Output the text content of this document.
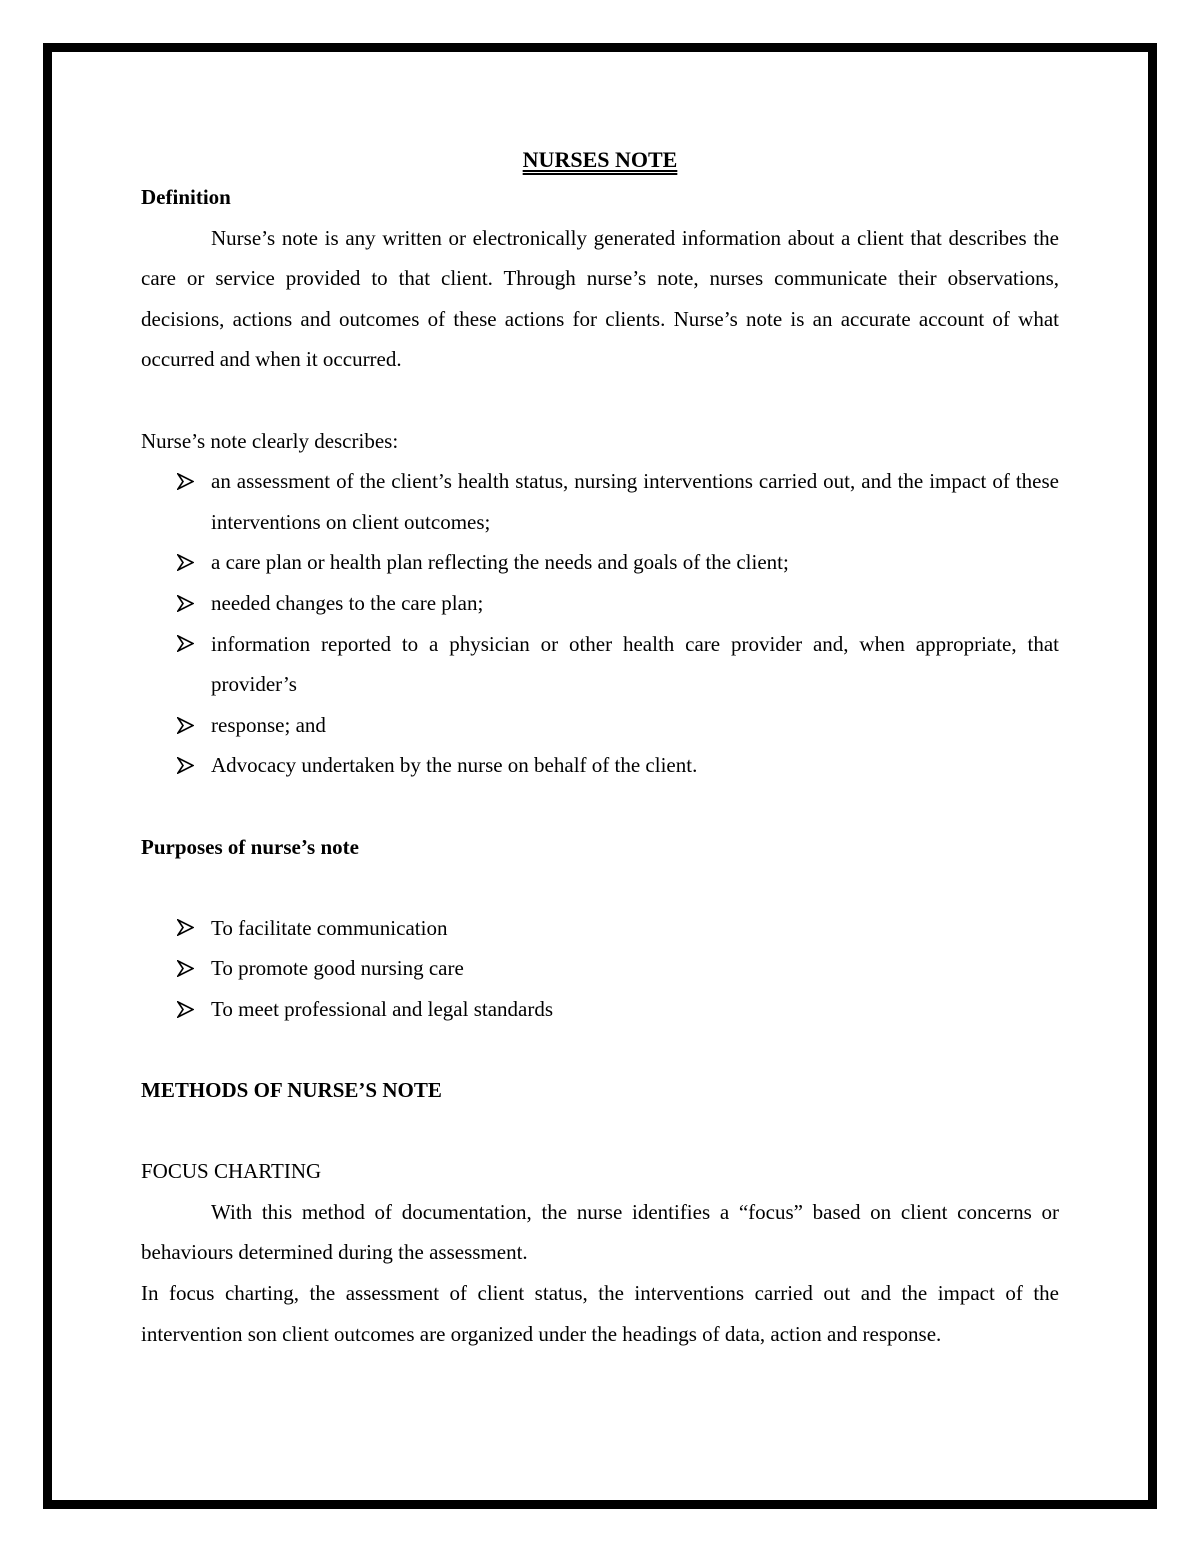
NURSES NOTE

Definition

Nurse’s note is any written or electronically generated information about a client that describes the care or service provided to that client. Through nurse’s note, nurses communicate their observations, decisions, actions and outcomes of these actions for clients. Nurse’s note is an accurate account of what occurred and when it occurred.

Nurse’s note clearly describes:

an assessment of the client’s health status, nursing interventions carried out, and the impact of these interventions on client outcomes;
a care plan or health plan reflecting the needs and goals of the client;
needed changes to the care plan;
information reported to a physician or other health care provider and, when appropriate, that provider’s
response; and
Advocacy undertaken by the nurse on behalf of the client.

Purposes of nurse’s note

To facilitate communication
To promote good nursing care
To meet professional and legal standards

METHODS OF NURSE’S NOTE

FOCUS CHARTING

With this method of documentation, the nurse identifies a “focus” based on client concerns or behaviours determined during the assessment.

In focus charting, the assessment of client status, the interventions carried out and the impact of the intervention son client outcomes are organized under the headings of data, action and response.
